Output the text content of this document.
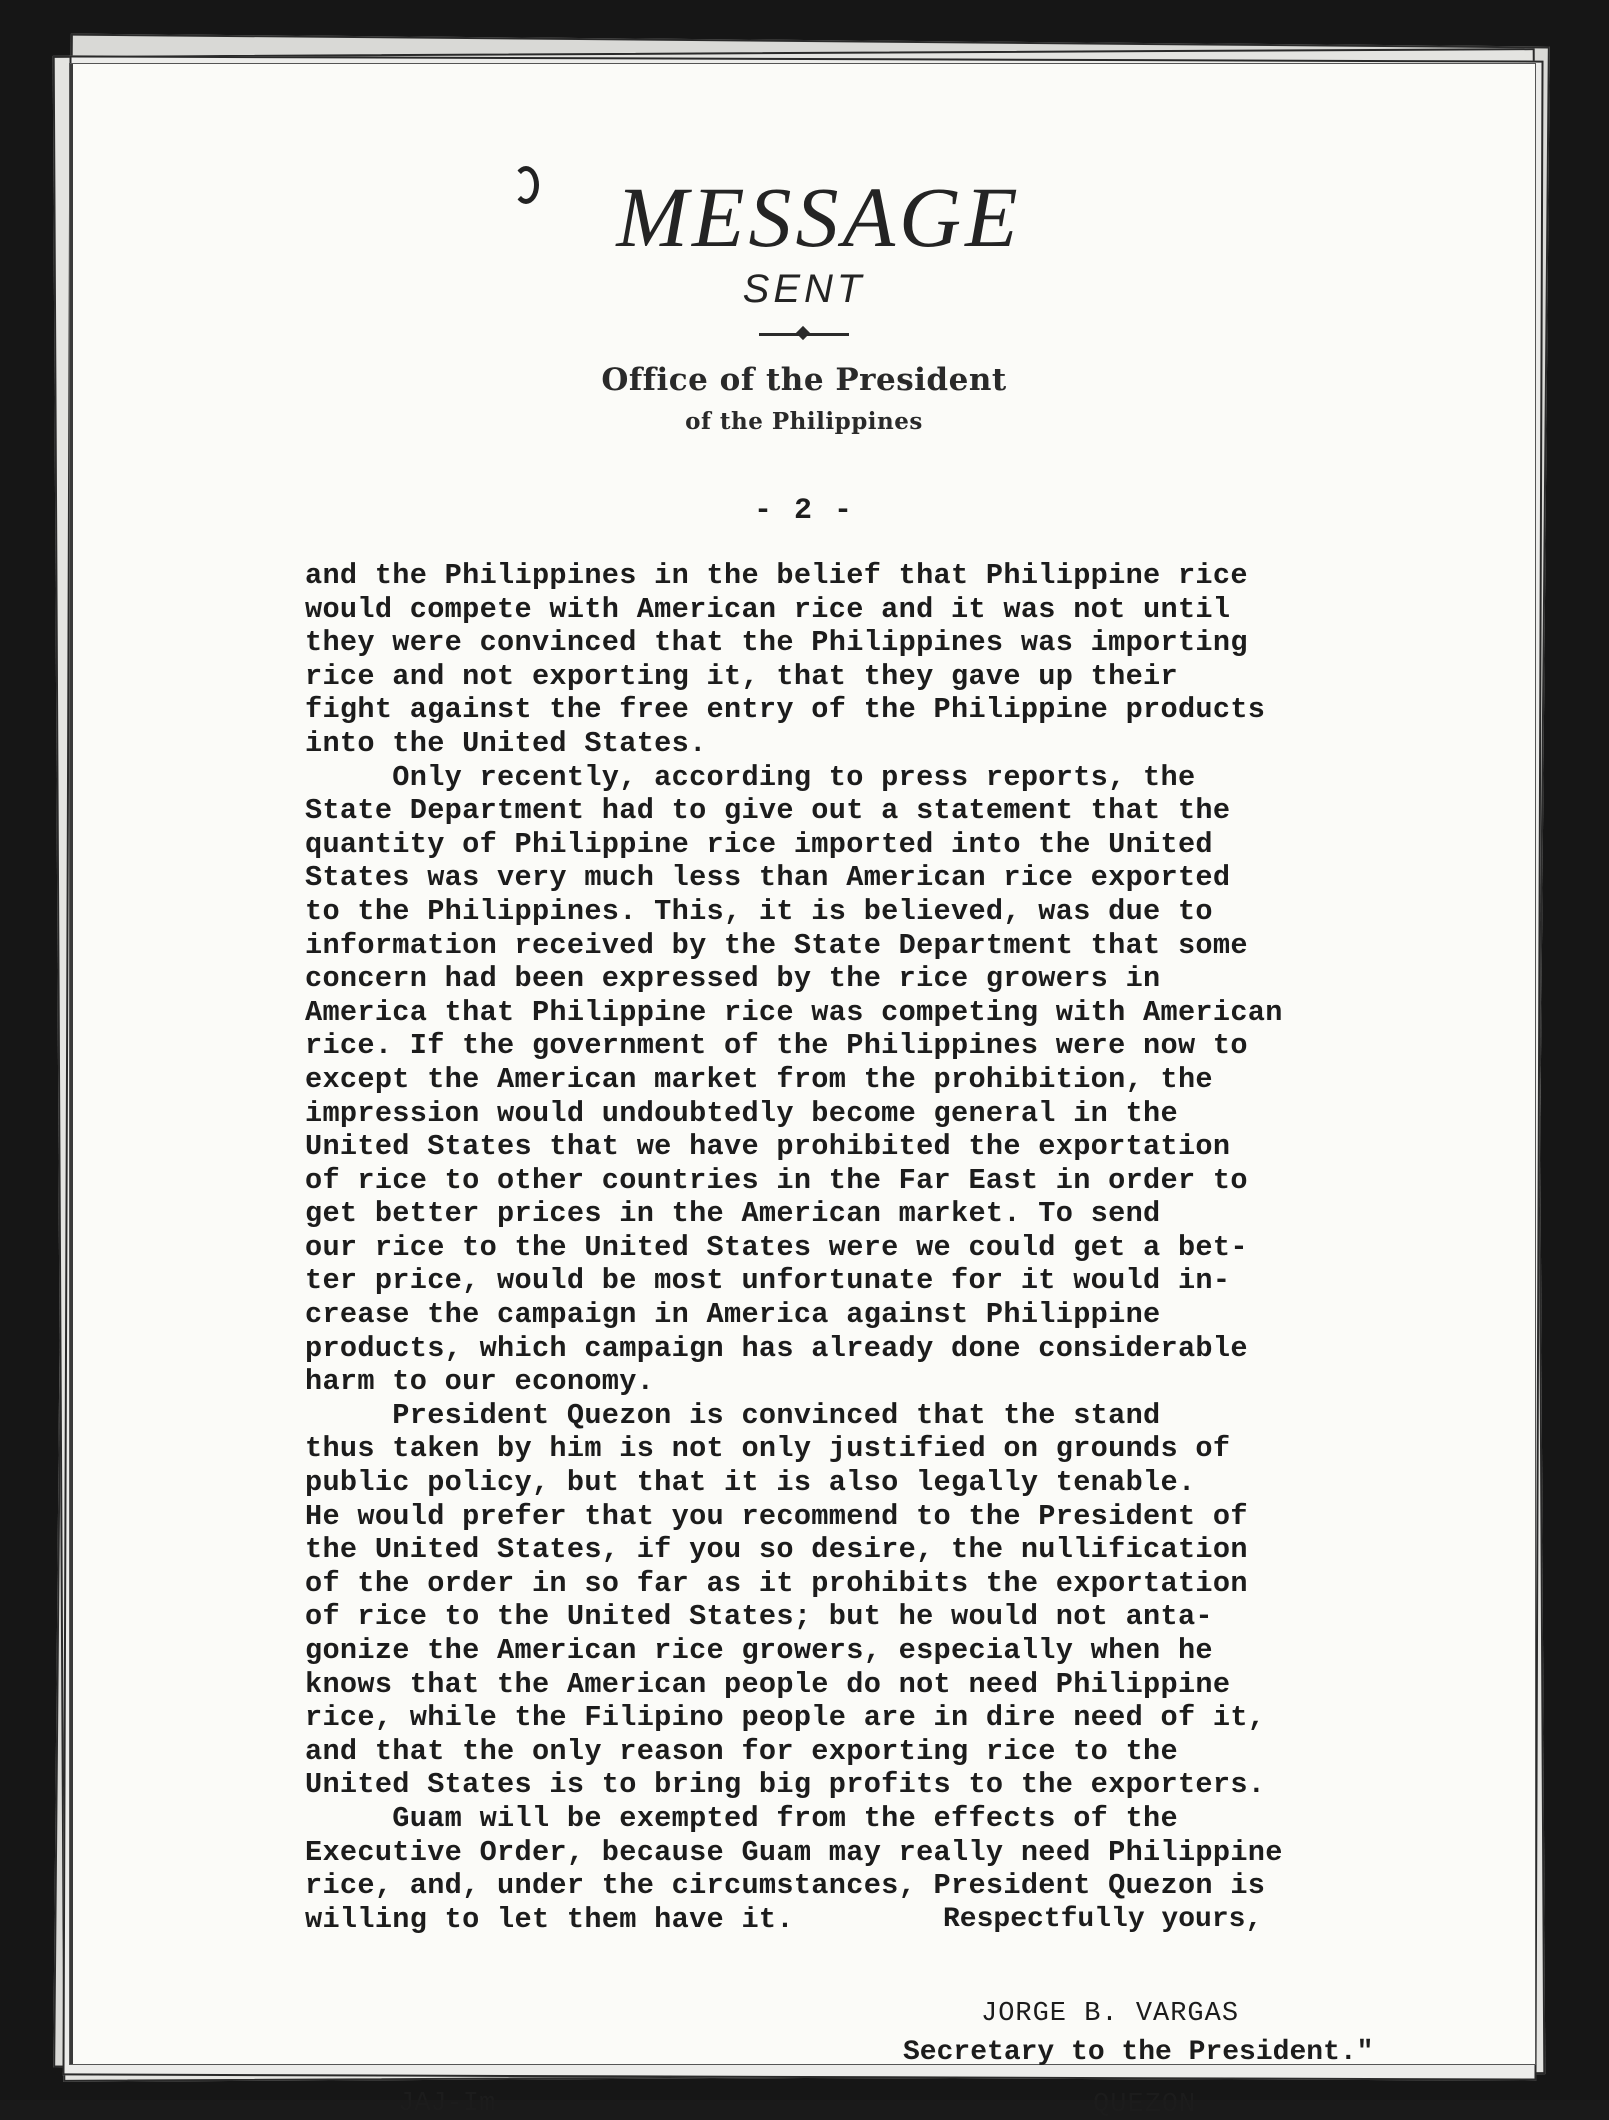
MESSAGE
SENT
Office of the President
of the Philippines
- 2 -

and the Philippines in the belief that Philippine rice
would compete with American rice and it was not until
they were convinced that the Philippines was importing
rice and not exporting it, that they gave up their
fight against the free entry of the Philippine products
into the United States.

Only recently, according to press reports, the
State Department had to give out a statement that the
quantity of Philippine rice imported into the United
States was very much less than American rice exported
to the Philippines. This, it is believed, was due to
information received by the State Department that some
concern had been expressed by the rice growers in
America that Philippine rice was competing with American
rice. If the government of the Philippines were now to
except the American market from the prohibition, the
impression would undoubtedly become general in the
United States that we have prohibited the exportation
of rice to other countries in the Far East in order to
get better prices in the American market. To send
our rice to the United States were we could get a bet-
ter price, would be most unfortunate for it would in-
crease the campaign in America against Philippine
products, which campaign has already done considerable
harm to our economy.

President Quezon is convinced that the stand
thus taken by him is not only justified on grounds of
public policy, but that it is also legally tenable.
He would prefer that you recommend to the President of
the United States, if you so desire, the nullification
of the order in so far as it prohibits the exportation
of rice to the United States; but he would not anta-
gonize the American rice growers, especially when he
knows that the American people do not need Philippine
rice, while the Filipino people are in dire need of it,
and that the only reason for exporting rice to the
United States is to bring big profits to the exporters.

Guam will be exempted from the effects of the
Executive Order, because Guam may really need Philippine
rice, and, under the circumstances, President Quezon is
willing to let them have it.	Respectfully yours,
JORGE B. VARGAS
Secretary to the President."
JAJ-Im	QUEZON
